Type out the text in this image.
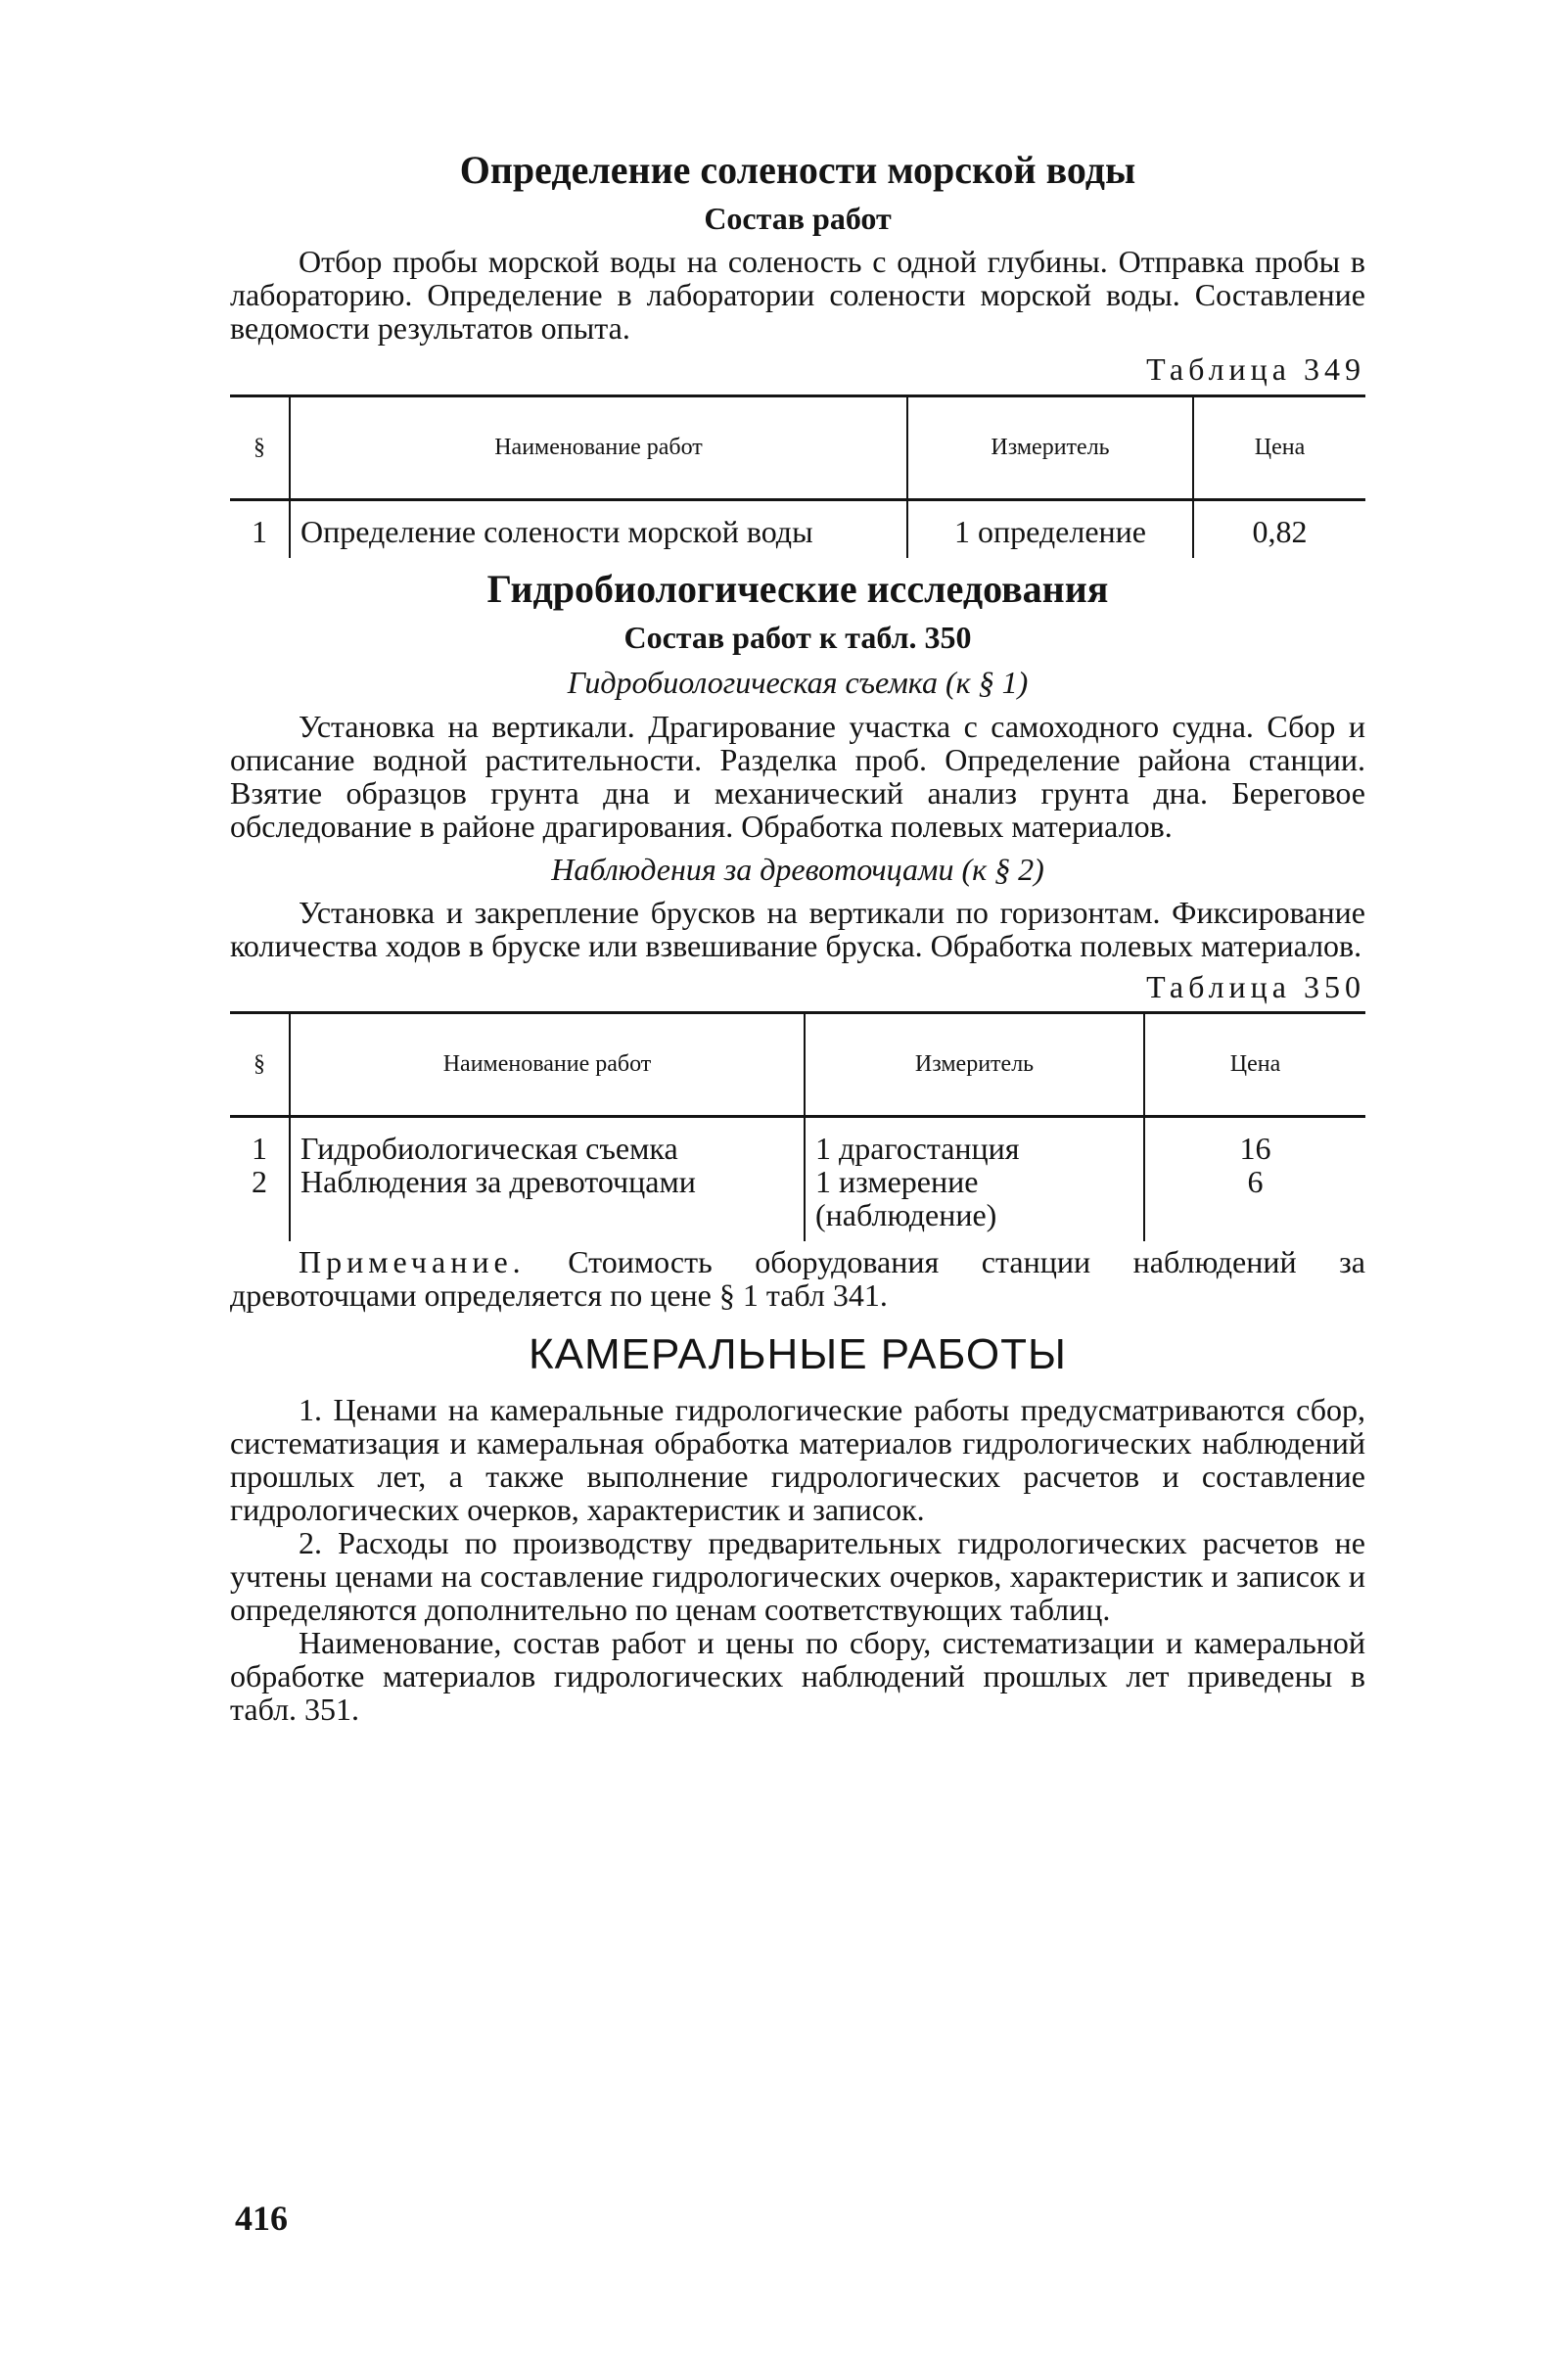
Определение солености морской воды
Состав работ

Отбор пробы морской воды на соленость с одной глубины. Отправка пробы в лабораторию. Определение в лаборатории солености морской воды. Составление ведомости результатов опыта.

Таблица 349
§	Наименование работ	Измеритель	Цена
1	Определение солености морской воды	1 определение	0,82
Гидробиологические исследования
Состав работ к табл. 350
Гидробиологическая съемка (к § 1)

Установка на вертикали. Драгирование участка с самоходного судна. Сбор и описание водной растительности. Разделка проб. Определение района станции. Взятие образцов грунта дна и механический анализ грунта дна. Береговое обследование в районе драгирования. Обработка полевых материалов.

Наблюдения за древоточцами (к § 2)

Установка и закрепление брусков на вертикали по горизонтам. Фиксирование количества ходов в бруске или взвешивание бруска. Обработка полевых материалов.

Таблица 350
§	Наименование работ	Измеритель	Цена
1	Гидробиологическая съемка	1 драгостанция	16
2	Наблюдения за древоточцами	1 измерение (наблюдение)	6

Примечание. Стоимость оборудования станции наблюдений за древоточцами определяется по цене § 1 табл 341.

КАМЕРАЛЬНЫЕ РАБОТЫ

1. Ценами на камеральные гидрологические работы предусматриваются сбор, систематизация и камеральная обработка материалов гидрологических наблюдений прошлых лет, а также выполнение гидрологических расчетов и составление гидрологических очерков, характеристик и записок.

2. Расходы по производству предварительных гидрологических расчетов не учтены ценами на составление гидрологических очерков, характеристик и записок и определяются дополнительно по ценам соответствующих таблиц.

Наименование, состав работ и цены по сбору, систематизации и камеральной обработке материалов гидрологических наблюдений прошлых лет приведены в табл. 351.

416
